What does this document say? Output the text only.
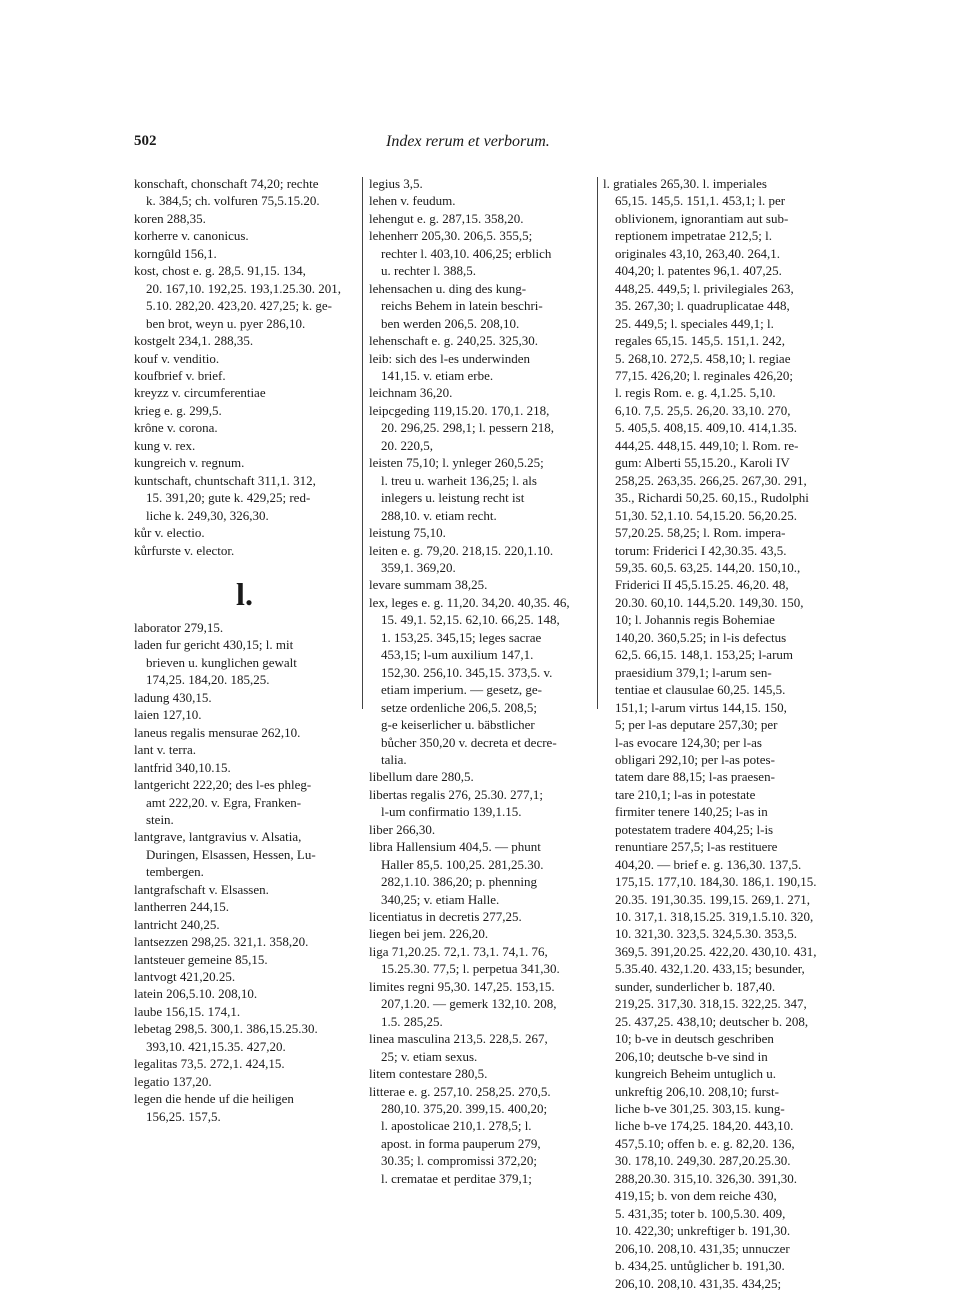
502	Index rerum et verborum.
konschaft, chonschaft 74,20; rechte
k. 384,5; ch. volfuren 75,5.15.20.
koren 288,35.
korherre v. canonicus.
korngûld 156,1.
kost, chost e. g. 28,5. 91,15. 134,
20. 167,10. 192,25. 193,1.25.30. 201,
5.10. 282,20. 423,20. 427,25; k. ge-
ben brot, weyn u. pyer 286,10.
kostgelt 234,1. 288,35.
kouf v. venditio.
koufbrief v. brief.
kreyzz v. circumferentiae
krieg e. g. 299,5.
krône v. corona.
kung v. rex.
kungreich v. regnum.
kuntschaft, chuntschaft 311,1. 312,
15. 391,20; gute k. 429,25; red-
liche k. 249,30, 326,30.
kůr v. electio.
kůrfurste v. elector.
l.
laborator 279,15.
laden fur gericht 430,15; l. mit
brieven u. kunglichen gewalt
174,25. 184,20. 185,25.
ladung 430,15.
laien 127,10.
laneus regalis mensurae 262,10.
lant v. terra.
lantfrid 340,10.15.
lantgericht 222,20; des l-es phleg-
amt 222,20. v. Egra, Franken-
stein.
lantgrave, lantgravius v. Alsatia,
Duringen, Elsassen, Hessen, Lu-
tembergen.
lantgrafschaft v. Elsassen.
lantherren 244,15.
lantricht 240,25.
lantsezzen 298,25. 321,1. 358,20.
lantsteuer gemeine 85,15.
lantvogt 421,20.25.
latein 206,5.10. 208,10.
laube 156,15. 174,1.
lebetag 298,5. 300,1. 386,15.25.30.
393,10. 421,15.35. 427,20.
legalitas 73,5. 272,1. 424,15.
legatio 137,20.
legen die hende uf die heiligen
156,25. 157,5.
legius 3,5.
lehen v. feudum.
lehengut e. g. 287,15. 358,20.
lehenherr 205,30. 206,5. 355,5;
rechter l. 403,10. 406,25; erblich
u. rechter l. 388,5.
lehensachen u. ding des kung-
reichs Behem in latein beschri-
ben werden 206,5. 208,10.
lehenschaft e. g. 240,25. 325,30.
leib: sich des l-es underwinden
141,15. v. etiam erbe.
leichnam 36,20.
leipcgeding 119,15.20. 170,1. 218,
20. 296,25. 298,1; l. pessern 218,
20. 220,5,
leisten 75,10; l. ynleger 260,5.25;
l. treu u. warheit 136,25; l. als
inlegers u. leistung recht ist
288,10. v. etiam recht.
leistung 75,10.
leiten e. g. 79,20. 218,15. 220,1.10.
359,1. 369,20.
levare summam 38,25.
lex, leges e. g. 11,20. 34,20. 40,35. 46,
15. 49,1. 52,15. 62,10. 66,25. 148,
1. 153,25. 345,15; leges sacrae
453,15; l-um auxilium 147,1.
152,30. 256,10. 345,15. 373,5. v.
etiam imperium. — gesetz, ge-
setze ordenliche 206,5. 208,5;
g-e keiserlicher u. bäbstlicher
bůcher 350,20 v. decreta et decre-
talia.
libellum dare 280,5.
libertas regalis 276, 25.30. 277,1;
l-um confirmatio 139,1.15.
liber 266,30.
libra Hallensium 404,5. — phunt
Haller 85,5. 100,25. 281,25.30.
282,1.10. 386,20; p. phenning
340,25; v. etiam Halle.
licentiatus in decretis 277,25.
liegen bei jem. 226,20.
liga 71,20.25. 72,1. 73,1. 74,1. 76,
15.25.30. 77,5; l. perpetua 341,30.
limites regni 95,30. 147,25. 153,15.
207,1.20. — gemerk 132,10. 208,
1.5. 285,25.
linea masculina 213,5. 228,5. 267,
25; v. etiam sexus.
litem contestare 280,5.
litterae e. g. 257,10. 258,25. 270,5.
280,10. 375,20. 399,15. 400,20;
l. apostolicae 210,1. 278,5; l.
apost. in forma pauperum 279,
30.35; l. compromissi 372,20;
l. crematae et perditae 379,1;
l. gratiales 265,30. l. imperiales
65,15. 145,5. 151,1. 453,1; l. per
oblivionem, ignorantiam aut sub-
reptionem impetratae 212,5; l.
originales 43,10, 263,40. 264,1.
404,20; l. patentes 96,1. 407,25.
448,25. 449,5; l. privilegiales 263,
35. 267,30; l. quadruplicatae 448,
25. 449,5; l. speciales 449,1; l.
regales 65,15. 145,5. 151,1. 242,
5. 268,10. 272,5. 458,10; l. regiae
77,15. 426,20; l. reginales 426,20;
l. regis Rom. e. g. 4,1.25. 5,10.
6,10. 7,5. 25,5. 26,20. 33,10. 270,
5. 405,5. 408,15. 409,10. 414,1.35.
444,25. 448,15. 449,10; l. Rom. re-
gum: Alberti 55,15.20., Karoli IV
258,25. 263,35. 266,25. 267,30. 291,
35., Richardi 50,25. 60,15., Rudolphi
51,30. 52,1.10. 54,15.20. 56,20.25.
57,20.25. 58,25; l. Rom. impera-
torum: Friderici I 42,30.35. 43,5.
59,35. 60,5. 63,25. 144,20. 150,10.,
Friderici II 45,5.15.25. 46,20. 48,
20.30. 60,10. 144,5.20. 149,30. 150,
10; l. Johannis regis Bohemiae
140,20. 360,5.25; in l-is defectus
62,5. 66,15. 148,1. 153,25; l-arum
praesidium 379,1; l-arum sen-
tentiae et clausulae 60,25. 145,5.
151,1; l-arum virtus 144,15. 150,
5; per l-as deputare 257,30; per
l-as evocare 124,30; per l-as
obligari 292,10; per l-as potes-
tatem dare 88,15; l-as praesen-
tare 210,1; l-as in potestate
firmiter tenere 140,25; l-as in
potestatem tradere 404,25; l-is
renuntiare 257,5; l-as restituere
404,20. — brief e. g. 136,30. 137,5.
175,15. 177,10. 184,30. 186,1. 190,15.
20.35. 191,30.35. 199,15. 269,1. 271,
10. 317,1. 318,15.25. 319,1.5.10. 320,
10. 321,30. 323,5. 324,5.30. 353,5.
369,5. 391,20.25. 422,20. 430,10. 431,
5.35.40. 432,1.20. 433,15; besunder,
sunder, sunderlicher b. 187,40.
219,25. 317,30. 318,15. 322,25. 347,
25. 437,25. 438,10; deutscher b. 208,
10; b-ve in deutsch geschriben
206,10; deutsche b-ve sind in
kungreich Beheim untuglich u.
unkreftig 206,10. 208,10; furst-
liche b-ve 301,25. 303,15. kung-
liche b-ve 174,25. 184,20. 443,10.
457,5.10; offen b. e. g. 82,20. 136,
30. 178,10. 249,30. 287,20.25.30.
288,20.30. 315,10. 326,30. 391,30.
419,15; b. von dem reiche 430,
5. 431,35; toter b. 100,5.30. 409,
10. 422,30; unkreftiger b. 191,30.
206,10. 208,10. 431,35; unnuczer
b. 434,25. untůglicher b. 191,30.
206,10. 208,10. 431,35. 434,25;
